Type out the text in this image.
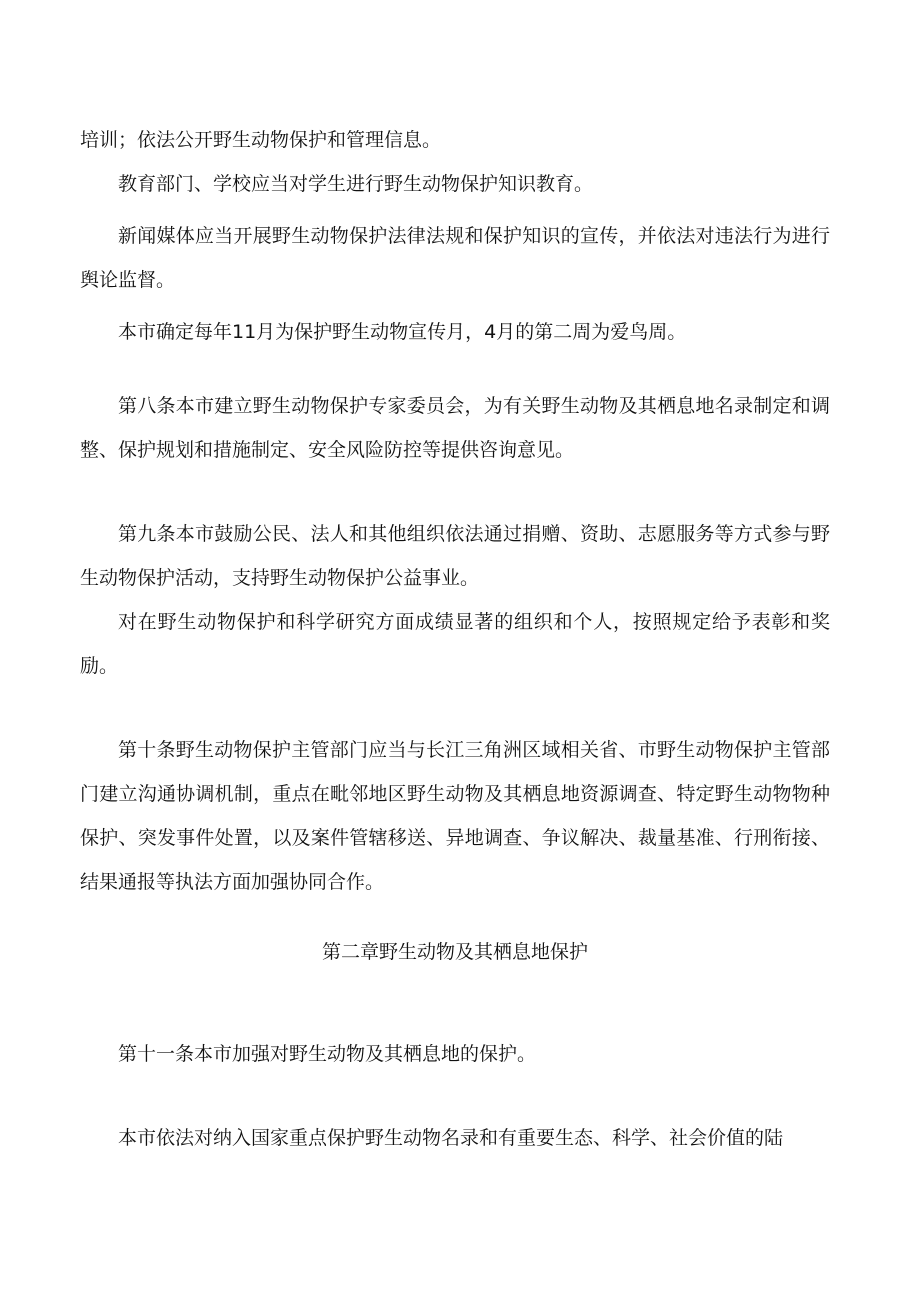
培训；依法公开野生动物保护和管理信息。

教育部门、学校应当对学生进行野生动物保护知识教育。

新闻媒体应当开展野生动物保护法律法规和保护知识的宣传，并依法对违法行为进行舆论监督。

本市确定每年11月为保护野生动物宣传月，4月的第二周为爱鸟周。

第八条本市建立野生动物保护专家委员会，为有关野生动物及其栖息地名录制定和调整、保护规划和措施制定、安全风险防控等提供咨询意见。

第九条本市鼓励公民、法人和其他组织依法通过捐赠、资助、志愿服务等方式参与野生动物保护活动，支持野生动物保护公益事业。

对在野生动物保护和科学研究方面成绩显著的组织和个人，按照规定给予表彰和奖励。

第十条野生动物保护主管部门应当与长江三角洲区域相关省、市野生动物保护主管部门建立沟通协调机制，重点在毗邻地区野生动物及其栖息地资源调查、特定野生动物物种保护、突发事件处置，以及案件管辖移送、异地调查、争议解决、裁量基准、行刑衔接、结果通报等执法方面加强协同合作。

第二章野生动物及其栖息地保护

第十一条本市加强对野生动物及其栖息地的保护。

本市依法对纳入国家重点保护野生动物名录和有重要生态、科学、社会价值的陆
